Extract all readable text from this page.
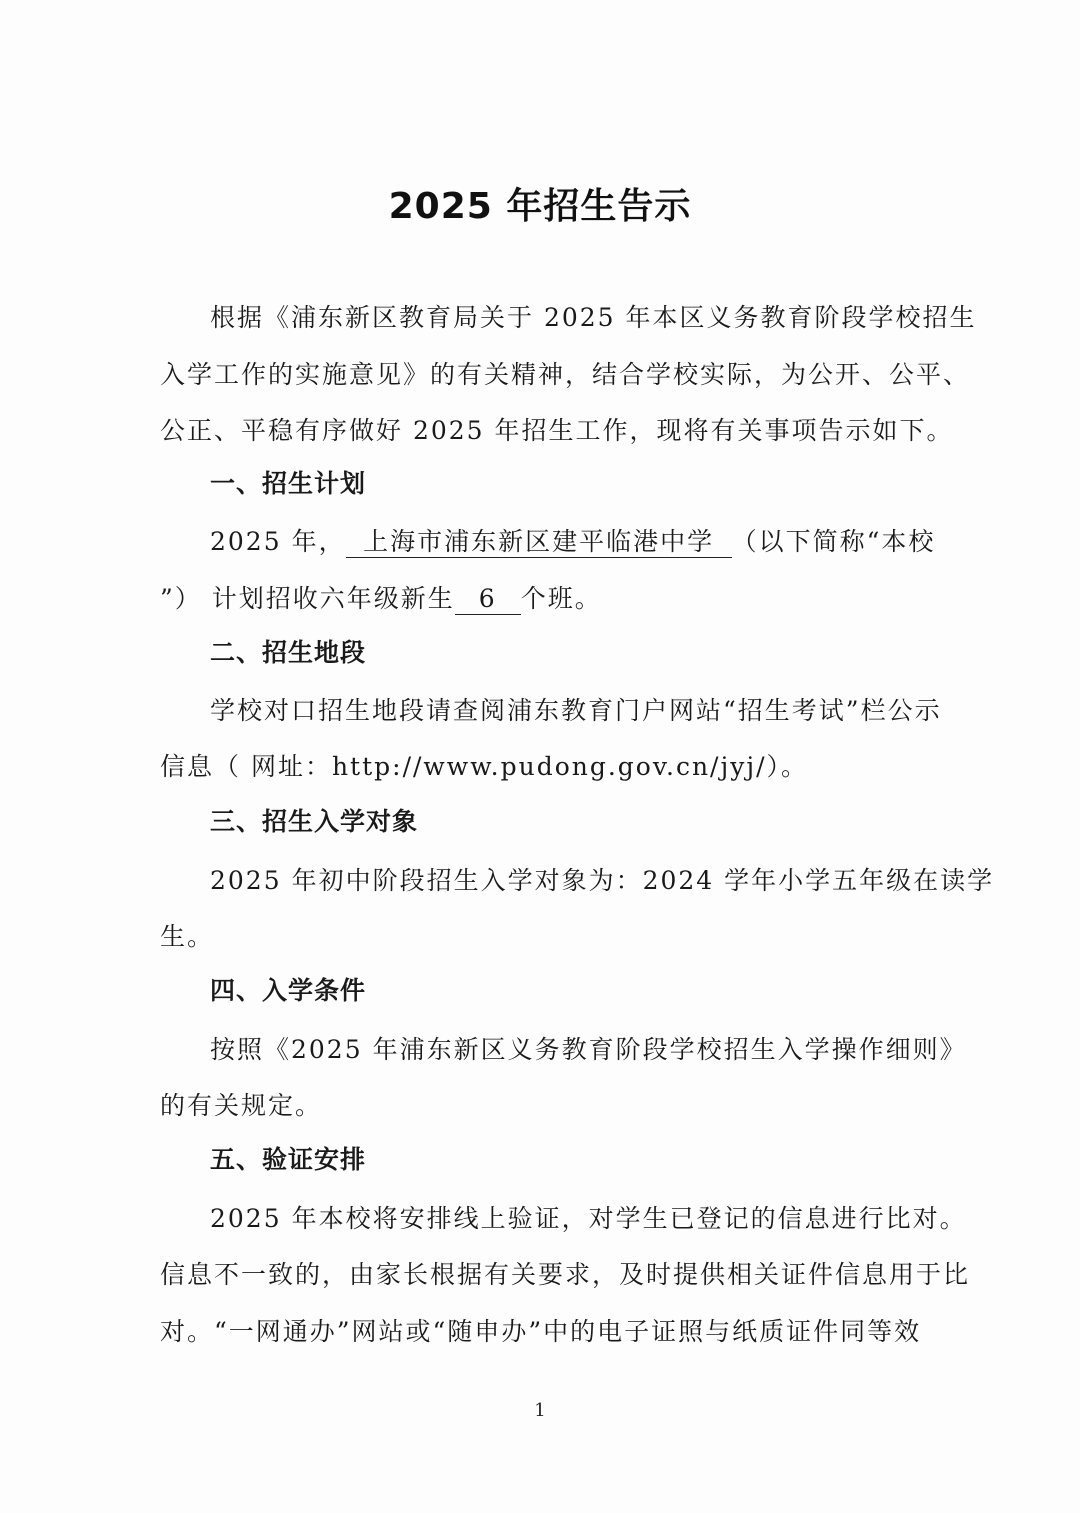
2025 年招生告示
根据《浦东新区教育局关于 2025 年本区义务教育阶段学校招生
入学工作的实施意见》的有关精神，结合学校实际，为公开、公平、
公正、平稳有序做好 2025 年招生工作，现将有关事项告示如下。
一、招生计划
2025 年， 上海市浦东新区建平临港中学 （以下简称“本校
”） 计划招收六年级新生 6 个班。
二、招生地段
学校对口招生地段请查阅浦东教育门户网站“招生考试”栏公示
信息（ 网址：http://www.pudong.gov.cn/jyj/）。
三、招生入学对象
2025 年初中阶段招生入学对象为：2024 学年小学五年级在读学
生。
四、入学条件
按照《2025 年浦东新区义务教育阶段学校招生入学操作细则》
的有关规定。
五、验证安排
2025 年本校将安排线上验证，对学生已登记的信息进行比对。
信息不一致的，由家长根据有关要求，及时提供相关证件信息用于比
对。“一网通办”网站或“随申办”中的电子证照与纸质证件同等效
1
